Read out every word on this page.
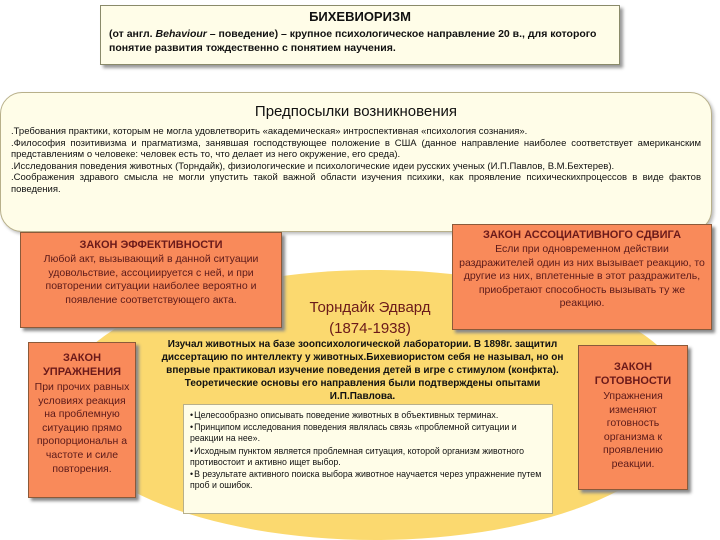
БИХЕВИОРИЗМ
(от англ. Behaviour – поведение) – крупное психологическое направление 20 в., для которого понятие развития тождественно с понятием научения.
Предпосылки возникновения
.Требования практики, которым не могла удовлетворить «академическая» интроспективная «психология сознания».
.Философия позитивизма и прагматизма, занявшая господствующее положение в США (данное направление наиболее соответствует американским представлениям о человеке: человек есть то, что делает из него окружение, его среда).
.Исследования поведения животных (Торндайк), физиологические и психологические идеи русских ученых (И.П.Павлов, В.М.Бехтерев).
.Соображения здравого смысла не могли упустить такой важной области изучения психики, как проявление психическихпроцессов в виде фактов поведения.
ЗАКОН ЭФФЕКТИВНОСТИ
Любой акт, вызывающий в данной ситуации удовольствие, ассоциируется с ней, и при повторении ситуации наиболее вероятно и появление соответствующего акта.
ЗАКОН АССОЦИАТИВНОГО СДВИГА
Если при одновременном действии раздражителей один из них вызывает реакцию, то другие из них, вплетенные в этот раздражитель, приобретают способность вызывать ту же реакцию.
Торндайк Эдвард
(1874-1938)
ЗАКОН УПРАЖНЕНИЯ
При прочих равных условиях реакция на проблемную ситуацию прямо пропорциональн а частоте и силе повторения.
Изучал животных на базе зоопсихологической лаборатории. В 1898г. защитил диссертацию по интеллекту у животных.Бихевиористом себя не называл, но он впервые практиковал изучение поведения детей в игре с стимулом (конфкта). Теоретические основы его направления были подтверждены опытами И.П.Павлова.
ЗАКОН ГОТОВНОСТИ
Упражнения изменяют готовность организма к проявлению реакции.
• Целесообразно описывать поведение животных в объективных терминах.
• Принципом исследования поведения являлась связь «проблемной ситуации и реакции на нее».
• Исходным пунктом является проблемная ситуация, которой организм животного противостоит и активно ищет выбор.
• В результате активного поиска выбора животное научается через упражнение путем проб и ошибок.
